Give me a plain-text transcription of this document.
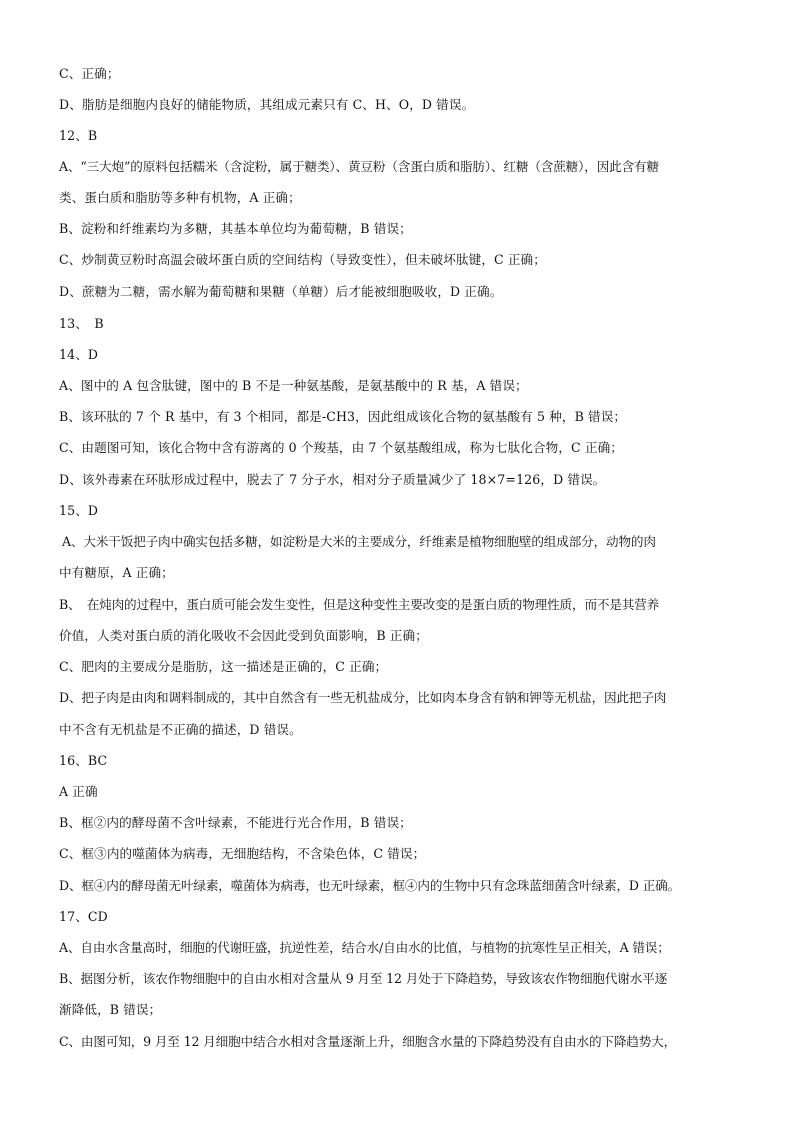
C、正确；
D、脂肪是细胞内良好的储能物质，其组成元素只有 C、H、O，D 错误。
12、B
A、“三大炮”的原料包括糯米（含淀粉，属于糖类）、黄豆粉（含蛋白质和脂肪）、红糖（含蔗糖），因此含有糖
类、蛋白质和脂肪等多种有机物，A 正确；
B、淀粉和纤维素均为多糖，其基本单位均为葡萄糖，B 错误；
C、炒制黄豆粉时高温会破坏蛋白质的空间结构（导致变性），但未破坏肽键，C 正确；
D、蔗糖为二糖，需水解为葡萄糖和果糖（单糖）后才能被细胞吸收，D 正确。
13、　B
14、D
A、图中的 A 包含肽键，图中的 B 不是一种氨基酸，是氨基酸中的 R 基，A 错误；
B、该环肽的 7 个 R 基中，有 3 个相同，都是-CH3，因此组成该化合物的氨基酸有 5 种，B 错误；
C、由题图可知，该化合物中含有游离的 0 个羧基，由 7 个氨基酸组成，称为七肽化合物，C 正确；
D、该外毒素在环肽形成过程中，脱去了 7 分子水，相对分子质量减少了 18×7=126，D 错误。
15、D
A、大米干饭把子肉中确实包括多糖，如淀粉是大米的主要成分，纤维素是植物细胞壁的组成部分，动物的肉
中有糖原，A 正确；
B、　在炖肉的过程中，蛋白质可能会发生变性，但是这种变性主要改变的是蛋白质的物理性质，而不是其营养
价值，人类对蛋白质的消化吸收不会因此受到负面影响，B 正确；
C、肥肉的主要成分是脂肪，这一描述是正确的，C 正确；
D、把子肉是由肉和调料制成的，其中自然含有一些无机盐成分，比如肉本身含有钠和钾等无机盐，因此把子肉
中不含有无机盐是不正确的描述，D 错误。
16、BC
A 正确
B、框②内的酵母菌不含叶绿素，不能进行光合作用，B 错误；
C、框③内的噬菌体为病毒，无细胞结构，不含染色体，C 错误；
D、框④内的酵母菌无叶绿素，噬菌体为病毒，也无叶绿素，框④内的生物中只有念珠蓝细菌含叶绿素，D 正确。
17、CD
A、自由水含量高时，细胞的代谢旺盛，抗逆性差，结合水/自由水的比值，与植物的抗寒性呈正相关，A 错误；
B、据图分析，该农作物细胞中的自由水相对含量从 9 月至 12 月处于下降趋势，导致该农作物细胞代谢水平逐
渐降低，B 错误；
C、由图可知，9 月至 12 月细胞中结合水相对含量逐渐上升，细胞含水量的下降趋势没有自由水的下降趋势大，
